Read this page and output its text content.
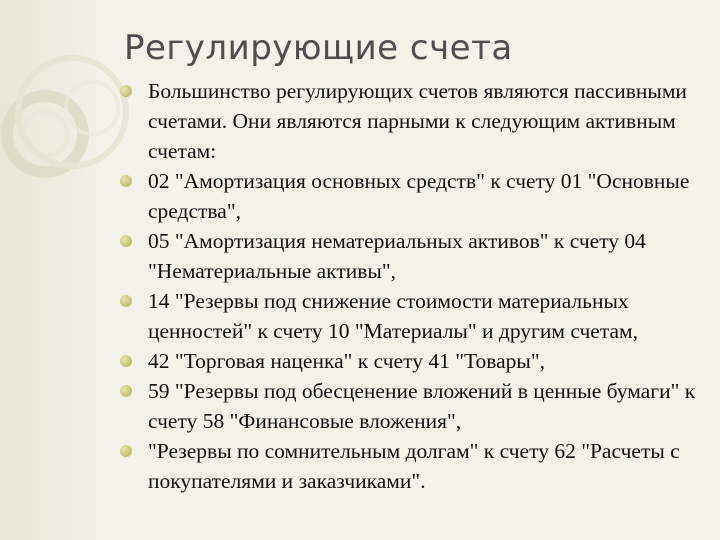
Регулирующие счета
Большинство регулирующих счетов являются пассивными счетами. Они являются парными к следующим активным счетам:
02 "Амортизация основных средств" к счету 01 "Основные средства",
05 "Амортизация нематериальных активов" к счету 04 "Нематериальные активы",
14 "Резервы под снижение стоимости материальных ценностей" к счету 10 "Материалы" и другим счетам,
42 "Торговая наценка" к счету 41 "Товары",
59 "Резервы под обесценение вложений в ценные бумаги" к счету 58 "Финансовые вложения",
"Резервы по сомнительным долгам" к счету 62 "Расчеты с покупателями и заказчиками".
